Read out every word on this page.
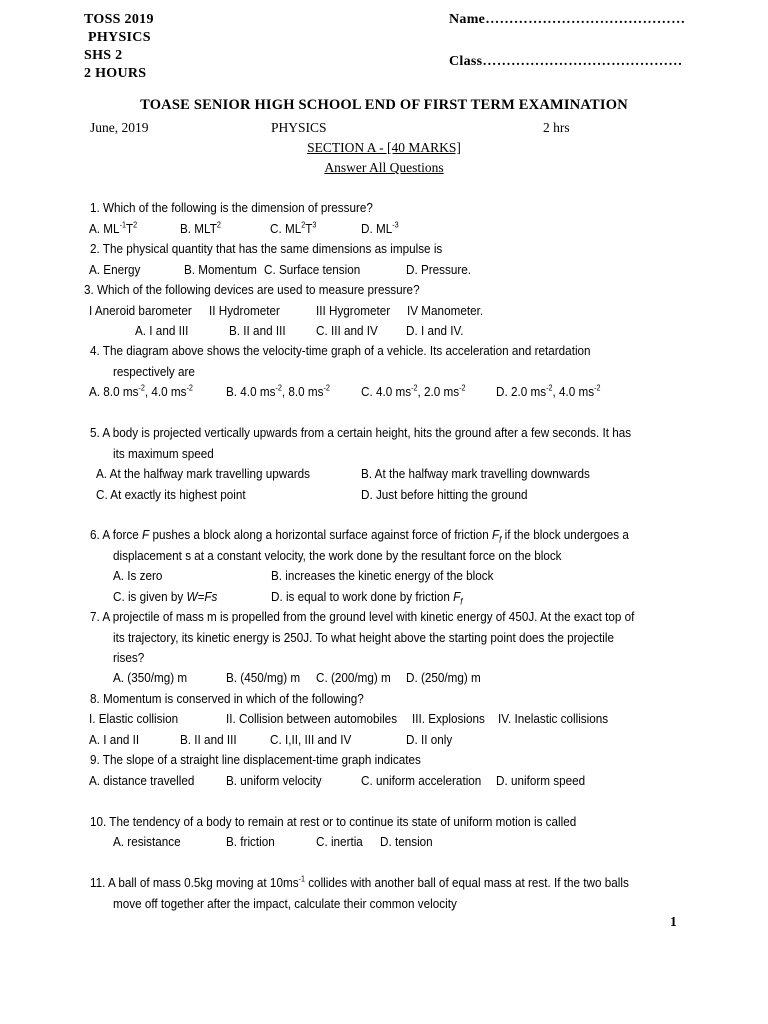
TOSS 2019
PHYSICS
SHS 2
2 HOURS
Name……………………………………
Class……………………………………
TOASE SENIOR HIGH SCHOOL END OF FIRST TERM EXAMINATION
June, 2019	PHYSICS	2 hrs
SECTION A - [40 MARKS]
Answer All Questions
1. Which of the following is the dimension of pressure?
A. $ML^{-1}T^2$	B. MLT$^2$	C. $ML^2T^3$	D. $ML^{-3}$
2. The physical quantity that has the same dimensions as impulse is
A. Energy	B. Momentum C. Surface tension	D. Pressure.
3. Which of the following devices are used to measure pressure?
I Aneroid barometer II Hydrometer	III Hygrometer IV Manometer.
A. I and III	B. II and III C. III and IV D. I and IV.
4. The diagram above shows the velocity-time graph of a vehicle. Its acceleration and retardation
respectively are
A. 8.0 $ms^{-2}$, 4.0 $ms^{-2}$	B. 4.0 $ms^{-2}$, 8.0 $ms^{-2}$ C. 4.0 $ms^{-2}$, 2.0 $ms^{-2}$ D. 2.0 $ms^{-2}$, 4.0 $ms^{-2}$
5. A body is projected vertically upwards from a certain height, hits the ground after a few seconds. It has
its maximum speed
A. At the halfway mark travelling upwards	B. At the halfway mark travelling downwards
C. At exactly its highest point	D. Just before hitting the ground
6. A force F pushes a block along a horizontal surface against force of friction $F_f$ if the block undergoes a
displacement s at a constant velocity, the work done by the resultant force on the block
A. Is zero	B. increases the kinetic energy of the block
C. is given by W=Fs	D. is equal to work done by friction $F_f$
7. A projectile of mass m is propelled from the ground level with kinetic energy of 450J. At the exact top of
its trajectory, its kinetic energy is 250J. To what height above the starting point does the projectile
rises?
A. (350/mg) m	B. (450/mg) m C. (200/mg) m D. (250/mg) m
8. Momentum is conserved in which of the following?
I. Elastic collision	II. Collision between automobiles III. Explosions IV. Inelastic collisions
A. I and II	B. II and III	C. I,II, III and IV	D. II only
9. The slope of a straight line displacement-time graph indicates
A. distance travelled B. uniform velocity	C. uniform acceleration D. uniform speed
10. The tendency of a body to remain at rest or to continue its state of uniform motion is called
A. resistance	B. friction	C. inertia D. tension
11. A ball of mass 0.5kg moving at $10ms^{-1}$ collides with another ball of equal mass at rest. If the two balls
move off together after the impact, calculate their common velocity
1
